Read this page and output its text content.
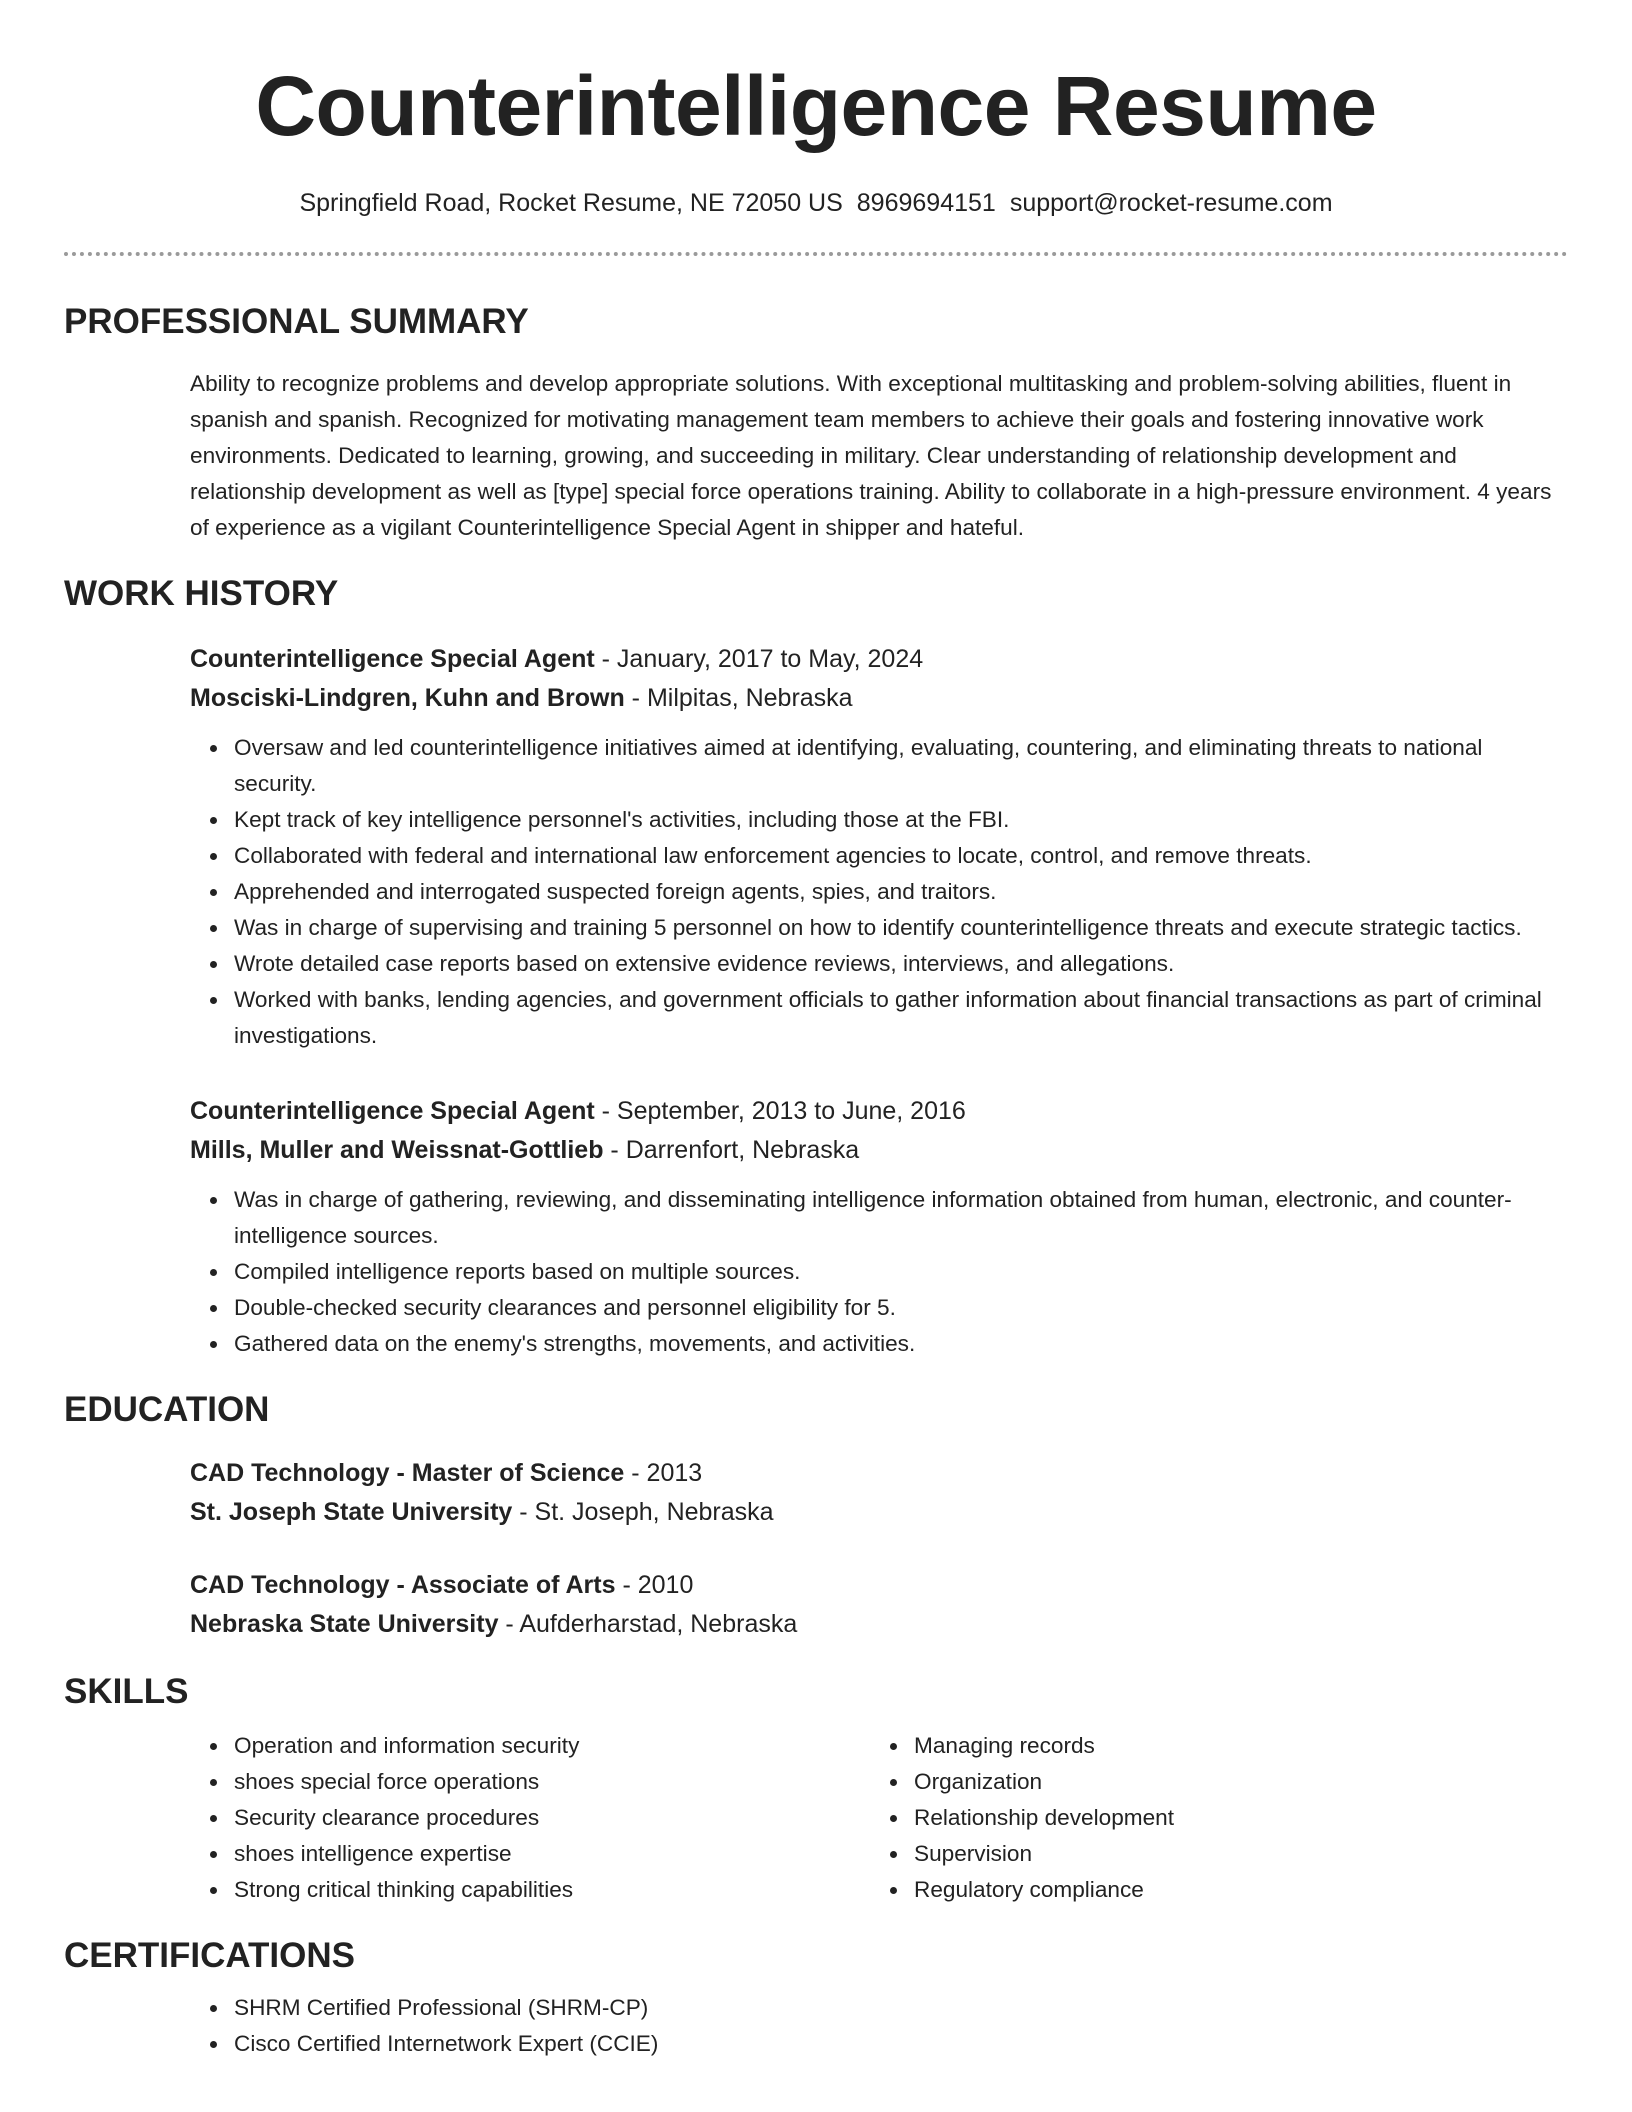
Counterintelligence Resume
Springfield Road, Rocket Resume, NE 72050 US 8969694151 support@rocket-resume.com
PROFESSIONAL SUMMARY

Ability to recognize problems and develop appropriate solutions. With exceptional multitasking and problem-solving abilities, fluent in spanish and spanish. Recognized for motivating management team members to achieve their goals and fostering innovative work environments. Dedicated to learning, growing, and succeeding in military. Clear understanding of relationship development and relationship development as well as [type] special force operations training. Ability to collaborate in a high-pressure environment. 4 years of experience as a vigilant Counterintelligence Special Agent in shipper and hateful.

WORK HISTORY
Counterintelligence Special Agent - January, 2017 to May, 2024
Mosciski-Lindgren, Kuhn and Brown - Milpitas, Nebraska
Oversaw and led counterintelligence initiatives aimed at identifying, evaluating, countering, and eliminating threats to national security.
Kept track of key intelligence personnel's activities, including those at the FBI.
Collaborated with federal and international law enforcement agencies to locate, control, and remove threats.
Apprehended and interrogated suspected foreign agents, spies, and traitors.
Was in charge of supervising and training 5 personnel on how to identify counterintelligence threats and execute strategic tactics.
Wrote detailed case reports based on extensive evidence reviews, interviews, and allegations.
Worked with banks, lending agencies, and government officials to gather information about financial transactions as part of criminal investigations.
Counterintelligence Special Agent - September, 2013 to June, 2016
Mills, Muller and Weissnat-Gottlieb - Darrenfort, Nebraska
Was in charge of gathering, reviewing, and disseminating intelligence information obtained from human, electronic, and counter-intelligence sources.
Compiled intelligence reports based on multiple sources.
Double-checked security clearances and personnel eligibility for 5.
Gathered data on the enemy's strengths, movements, and activities.
EDUCATION
CAD Technology - Master of Science - 2013
St. Joseph State University - St. Joseph, Nebraska
CAD Technology - Associate of Arts - 2010
Nebraska State University - Aufderharstad, Nebraska
SKILLS
Operation and information security
shoes special force operations
Security clearance procedures
shoes intelligence expertise
Strong critical thinking capabilities
Managing records
Organization
Relationship development
Supervision
Regulatory compliance
CERTIFICATIONS
SHRM Certified Professional (SHRM-CP)
Cisco Certified Internetwork Expert (CCIE)
